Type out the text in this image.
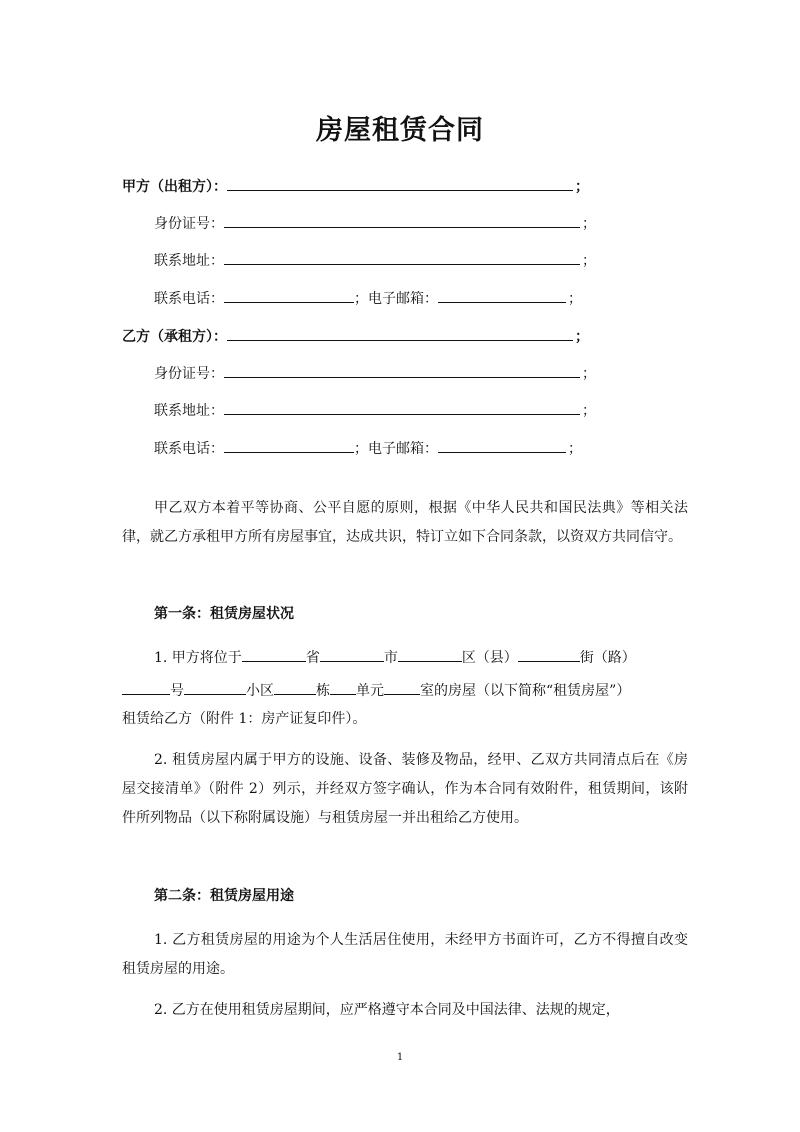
房屋租赁合同
甲方（出租方）：	；
身份证号：	；
联系地址：	；
联系电话：	；电子邮箱：	；
乙方（承租方）：	；
身份证号：	；
联系地址：	；
联系电话：	；电子邮箱：	；
甲乙双方本着平等协商、公平自愿的原则，根据《中华人民共和国民法典》等相关法律，就乙方承租甲方所有房屋事宜，达成共识，特订立如下合同条款，以资双方共同信守。
第一条：租赁房屋状况
1. 甲方将位于	省	市	区（县）	街（路）
号	小区	栋 单元	室的房屋（以下简称“租赁房屋”）
租赁给乙方（附件 1：房产证复印件）。
2. 租赁房屋内属于甲方的设施、设备、装修及物品，经甲、乙双方共同清点后在《房屋交接清单》（附件 2）列示，并经双方签字确认，作为本合同有效附件，租赁期间，该附件所列物品（以下称附属设施）与租赁房屋一并出租给乙方使用。
第二条：租赁房屋用途
1. 乙方租赁房屋的用途为个人生活居住使用，未经甲方书面许可，乙方不得擅自改变租赁房屋的用途。
2. 乙方在使用租赁房屋期间，应严格遵守本合同及中国法律、法规的规定，
1
